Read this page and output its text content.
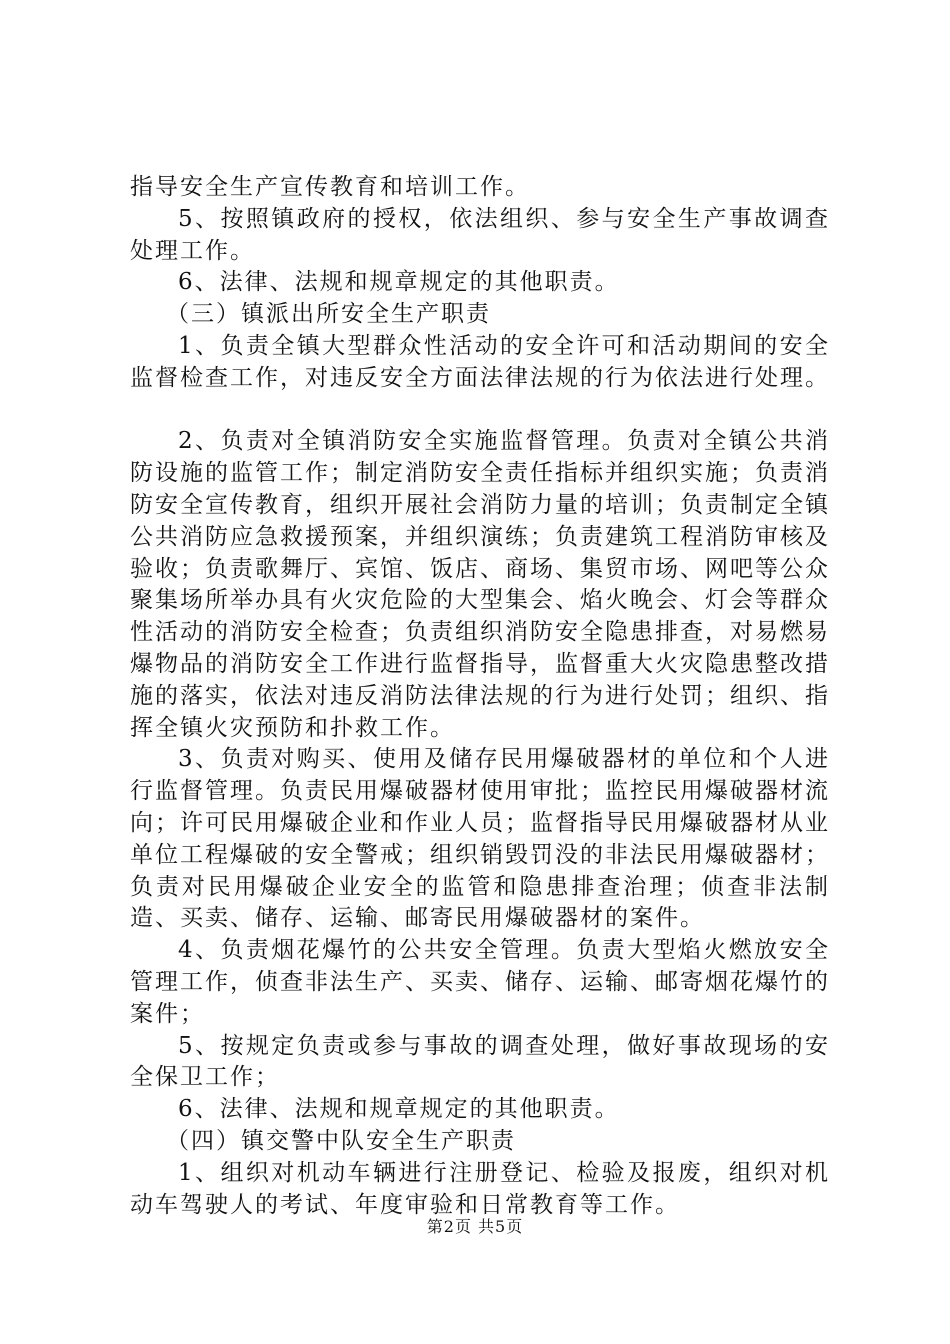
指导安全生产宣传教育和培训工作。

5、按照镇政府的授权，依法组织、参与安全生产事故调查处理工作。

6、法律、法规和规章规定的其他职责。

（三）镇派出所安全生产职责

1、负责全镇大型群众性活动的安全许可和活动期间的安全监督检查工作，对违反安全方面法律法规的行为依法进行处理。

2、负责对全镇消防安全实施监督管理。负责对全镇公共消防设施的监管工作；制定消防安全责任指标并组织实施；负责消防安全宣传教育，组织开展社会消防力量的培训；负责制定全镇公共消防应急救援预案，并组织演练；负责建筑工程消防审核及验收；负责歌舞厅、宾馆、饭店、商场、集贸市场、网吧等公众聚集场所举办具有火灾危险的大型集会、焰火晚会、灯会等群众性活动的消防安全检查；负责组织消防安全隐患排查，对易燃易爆物品的消防安全工作进行监督指导，监督重大火灾隐患整改措施的落实，依法对违反消防法律法规的行为进行处罚；组织、指挥全镇火灾预防和扑救工作。

3、负责对购买、使用及储存民用爆破器材的单位和个人进行监督管理。负责民用爆破器材使用审批；监控民用爆破器材流向；许可民用爆破企业和作业人员；监督指导民用爆破器材从业单位工程爆破的安全警戒；组织销毁罚没的非法民用爆破器材；负责对民用爆破企业安全的监管和隐患排查治理；侦查非法制造、买卖、储存、运输、邮寄民用爆破器材的案件。

4、负责烟花爆竹的公共安全管理。负责大型焰火燃放安全管理工作，侦查非法生产、买卖、储存、运输、邮寄烟花爆竹的案件；

5、按规定负责或参与事故的调查处理，做好事故现场的安全保卫工作；

6、法律、法规和规章规定的其他职责。

（四）镇交警中队安全生产职责

1、组织对机动车辆进行注册登记、检验及报废，组织对机动车驾驶人的考试、年度审验和日常教育等工作。

第2页 共5页
